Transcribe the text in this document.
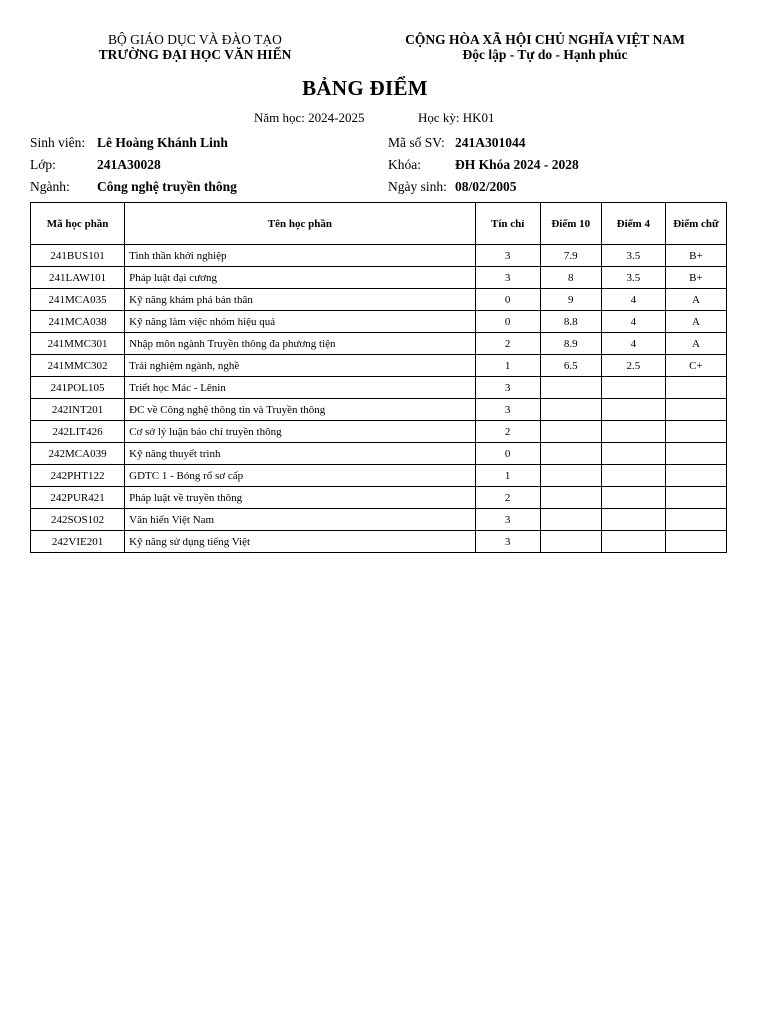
BỘ GIÁO DỤC VÀ ĐÀO TẠO
TRƯỜNG ĐẠI HỌC VĂN HIẾN
CỘNG HÒA XÃ HỘI CHỦ NGHĨA VIỆT NAM
Độc lập - Tự do - Hạnh phúc
BẢNG ĐIỂM
Năm học: 2024-2025	Học kỳ: HK01
Sinh viên: Lê Hoàng Khánh Linh	Mã số SV: 241A301044
Lớp:	241A30028	Khóa:	ĐH Khóa 2024 - 2028
Ngành: Công nghệ truyền thông	Ngày sinh: 08/02/2005
Mã học phần	Tên học phần	Tín chỉ	Điểm 10	Điểm 4	Điểm chữ
241BUS101	Tinh thần khởi nghiệp	3	7.9	3.5	B+
241LAW101	Pháp luật đại cương	3	8	3.5	B+
241MCA035	Kỹ năng khám phá bản thân	0	9	4	A
241MCA038	Kỹ năng làm việc nhóm hiệu quả	0	8.8	4	A
241MMC301	Nhập môn ngành Truyền thông đa phương tiện	2	8.9	4	A
241MMC302	Trải nghiệm ngành, nghề	1	6.5	2.5	C+
241POL105	Triết học Mác - Lênin	3			
242INT201	ĐC về Công nghệ thông tin và Truyền thông	3			
242LIT426	Cơ sở lý luận báo chí truyền thông	2			
242MCA039	Kỹ năng thuyết trình	0			
242PHT122	GDTC 1 - Bóng rổ sơ cấp	1			
242PUR421	Pháp luật về truyền thông	2			
242SOS102	Văn hiến Việt Nam	3			
242VIE201	Kỹ năng sử dụng tiếng Việt	3			
